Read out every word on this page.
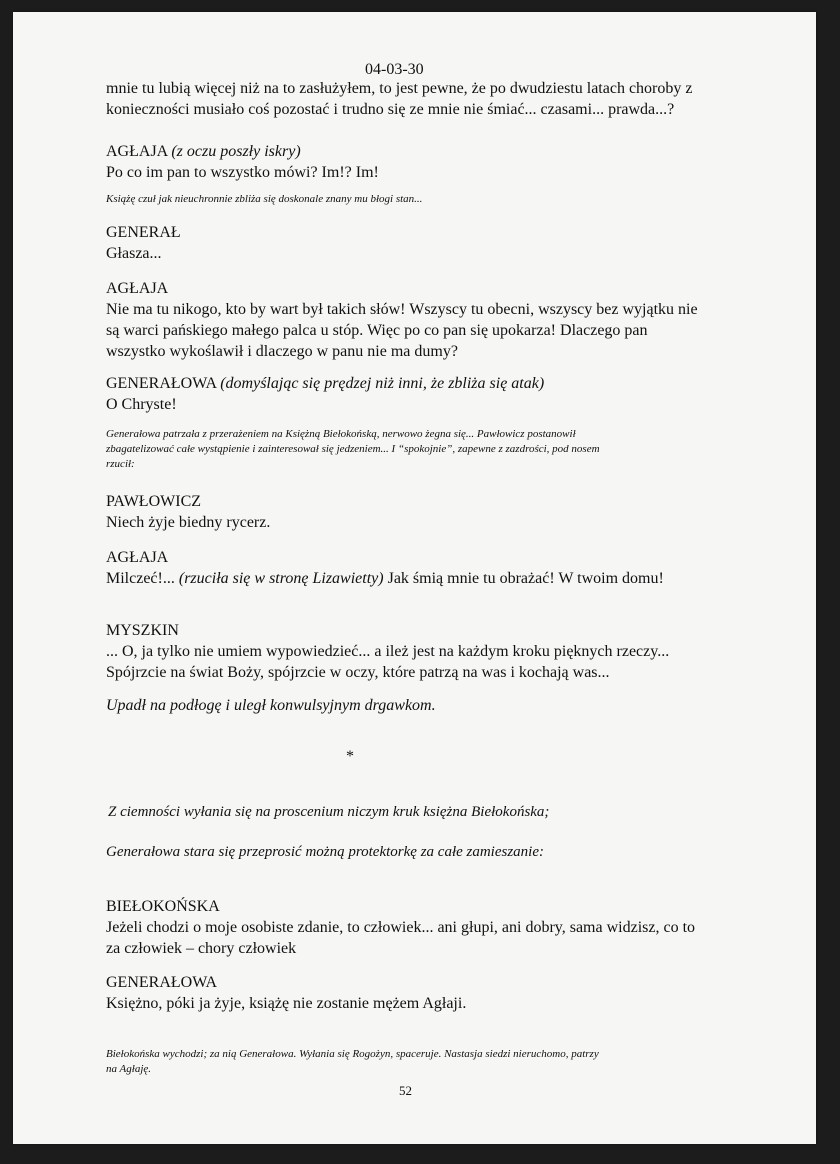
04-03-30
mnie tu lubią więcej niż na to zasłużyłem, to jest pewne, że po dwudziestu latach choroby z
konieczności musiało coś pozostać i trudno się ze mnie nie śmiać... czasami... prawda...?
AGŁAJA (z oczu poszły iskry)
Po co im pan to wszystko mówi? Im!? Im!
Książę czuł jak nieuchronnie zbliża się doskonale znany mu błogi stan...
GENERAŁ
Głasza...
AGŁAJA
Nie ma tu nikogo, kto by wart był takich słów! Wszyscy tu obecni, wszyscy bez wyjątku nie
są warci pańskiego małego palca u stóp. Więc po co pan się upokarza! Dlaczego pan
wszystko wykoślawił i dlaczego w panu nie ma dumy?
GENERAŁOWA (domyślając się prędzej niż inni, że zbliża się atak)
O Chryste!
Generałowa patrzała z przerażeniem na Księżną Biełokońską, nerwowo żegna się... Pawłowicz postanowił
zbagatelizować całe wystąpienie i zainteresował się jedzeniem... I “spokojnie”, zapewne z zazdrości, pod nosem
rzucił:
PAWŁOWICZ
Niech żyje biedny rycerz.
AGŁAJA
Milczeć!... (rzuciła się w stronę Lizawietty) Jak śmią mnie tu obrażać! W twoim domu!
MYSZKIN
... O, ja tylko nie umiem wypowiedzieć... a ileż jest na każdym kroku pięknych rzeczy...
Spójrzcie na świat Boży, spójrzcie w oczy, które patrzą na was i kochają was...
Upadł na podłogę i uległ konwulsyjnym drgawkom.
*
Z ciemności wyłania się na proscenium niczym kruk księżna Biełokońska;
Generałowa stara się przeprosić możną protektorkę za całe zamieszanie:
BIEŁOKOŃSKA
Jeżeli chodzi o moje osobiste zdanie, to człowiek... ani głupi, ani dobry, sama widzisz, co to
za człowiek – chory człowiek
GENERAŁOWA
Księżno, póki ja żyje, książę nie zostanie mężem Agłaji.
Biełokońska wychodzi; za nią Generałowa. Wyłania się Rogożyn, spaceruje. Nastasja siedzi nieruchomo, patrzy
na Agłaję.
52
